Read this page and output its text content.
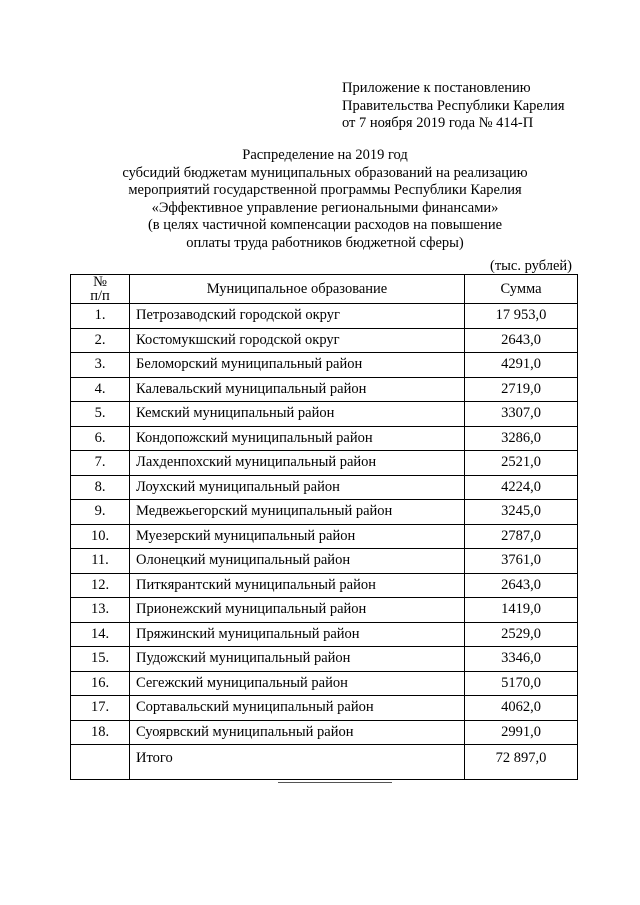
Приложение к постановлению
Правительства Республики Карелия
от 7 ноября 2019 года № 414-П
Распределение на 2019 год
субсидий бюджетам муниципальных образований на реализацию
мероприятий государственной программы Республики Карелия
«Эффективное управление региональными финансами»
(в целях частичной компенсации расходов на повышение
оплаты труда работников бюджетной сферы)
(тыс. рублей)
№
п/п	Муниципальное образование	Сумма
1.	Петрозаводский городской округ	17 953,0
2.	Костомукшский городской округ	2643,0
3.	Беломорский муниципальный район	4291,0
4.	Калевальский муниципальный район	2719,0
5.	Кемский муниципальный район	3307,0
6.	Кондопожский муниципальный район	3286,0
7.	Лахденпохский муниципальный район	2521,0
8.	Лоухский муниципальный район	4224,0
9.	Медвежьегорский муниципальный район	3245,0
10.	Муезерский муниципальный район	2787,0
11.	Олонецкий муниципальный район	3761,0
12.	Питкярантский муниципальный район	2643,0
13.	Прионежский муниципальный район	1419,0
14.	Пряжинский муниципальный район	2529,0
15.	Пудожский муниципальный район	3346,0
16.	Сегежский муниципальный район	5170,0
17.	Сортавальский муниципальный район	4062,0
18.	Суоярвский муниципальный район	2991,0
	Итого	72 897,0
